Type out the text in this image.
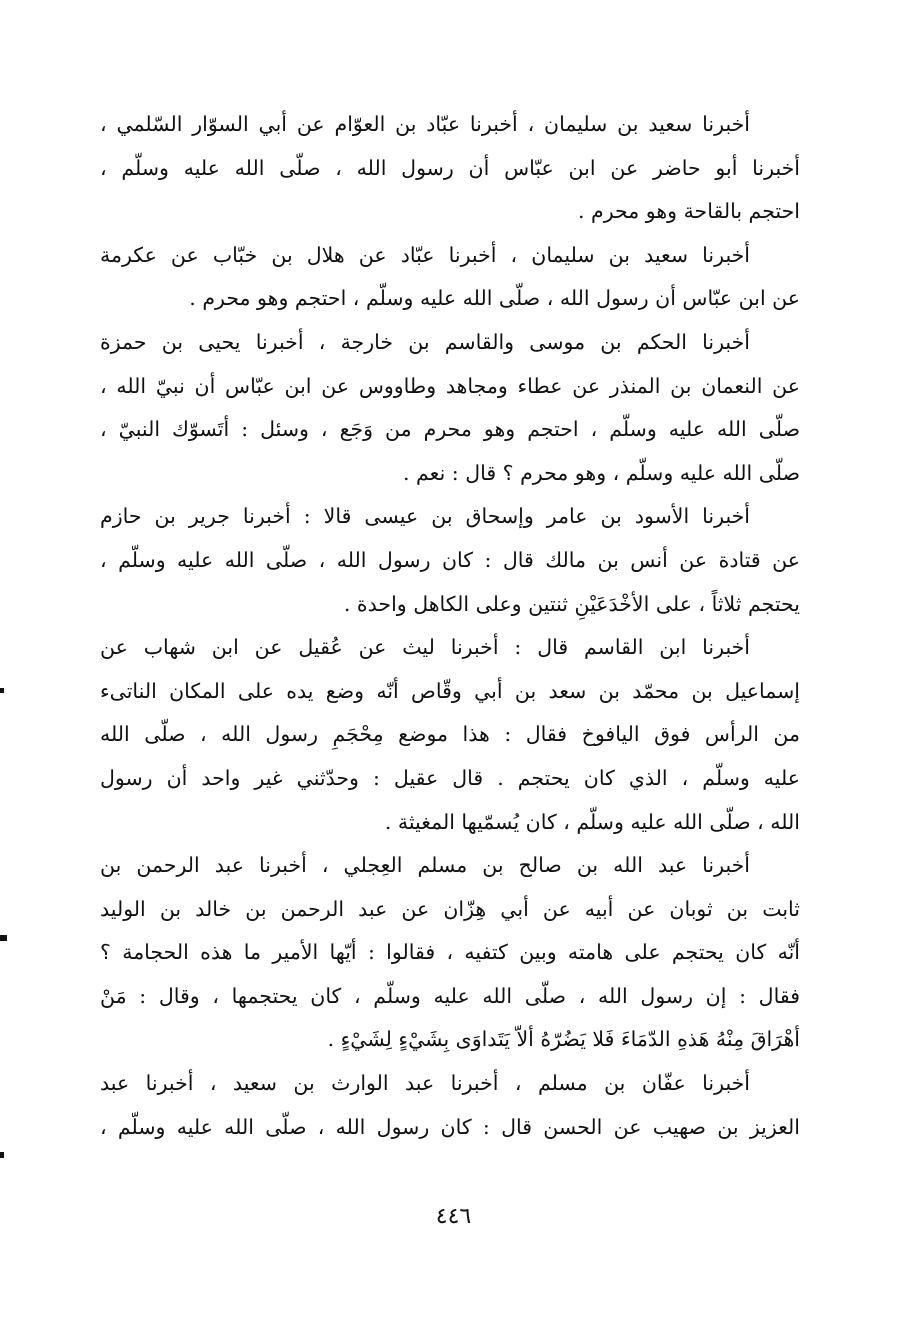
أخبرنا سعيد بن سليمان ، أخبرنا عبّاد بن العوّام عن أبي السوّار السّلمي ،
أخبرنا أبو حاضر عن ابن عبّاس أن رسول الله ، صلّى الله عليه وسلّم ،
احتجم بالقاحة وهو محرم .
أخبرنا سعيد بن سليمان ، أخبرنا عبّاد عن هلال بن خبّاب عن عكرمة
عن ابن عبّاس أن رسول الله ، صلّى الله عليه وسلّم ، احتجم وهو محرم .
أخبرنا الحكم بن موسى والقاسم بن خارجة ، أخبرنا يحيى بن حمزة
عن النعمان بن المنذر عن عطاء ومجاهد وطاووس عن ابن عبّاس أن نبيّ الله ،
صلّى الله عليه وسلّم ، احتجم وهو محرم من وَجَع ، وسئل : أتَسوّك النبيّ ،
صلّى الله عليه وسلّم ، وهو محرم ؟ قال : نعم .
أخبرنا الأسود بن عامر وإسحاق بن عيسى قالا : أخبرنا جرير بن حازم
عن قتادة عن أنس بن مالك قال : كان رسول الله ، صلّى الله عليه وسلّم ،
يحتجم ثلاثاً ، على الأخْدَعَيْنِ ثنتين وعلى الكاهل واحدة .
أخبرنا ابن القاسم قال : أخبرنا ليث عن عُقيل عن ابن شهاب عن
إسماعيل بن محمّد بن سعد بن أبي وقّاص أنّه وضع يده على المكان الناتىء
من الرأس فوق اليافوخ فقال : هذا موضع مِحْجَمِ رسول الله ، صلّى الله
عليه وسلّم ، الذي كان يحتجم . قال عقيل : وحدّثني غير واحد أن رسول
الله ، صلّى الله عليه وسلّم ، كان يُسمّيها المغيثة .
أخبرنا عبد الله بن صالح بن مسلم العِجلي ، أخبرنا عبد الرحمن بن
ثابت بن ثوبان عن أبيه عن أبي هِزّان عن عبد الرحمن بن خالد بن الوليد
أنّه كان يحتجم على هامته وبين كتفيه ، فقالوا : أيّها الأمير ما هذه الحجامة ؟
فقال : إن رسول الله ، صلّى الله عليه وسلّم ، كان يحتجمها ، وقال : مَنْ
أهْرَاقَ مِنْهُ هَذهِ الدّمَاءَ فَلا يَضُرّهُ ألاّ يَتَداوَى بِشَيْءٍ لِشَيْءٍ .
أخبرنا عفّان بن مسلم ، أخبرنا عبد الوارث بن سعيد ، أخبرنا عبد
العزيز بن صهيب عن الحسن قال : كان رسول الله ، صلّى الله عليه وسلّم ،
٤٤٦
